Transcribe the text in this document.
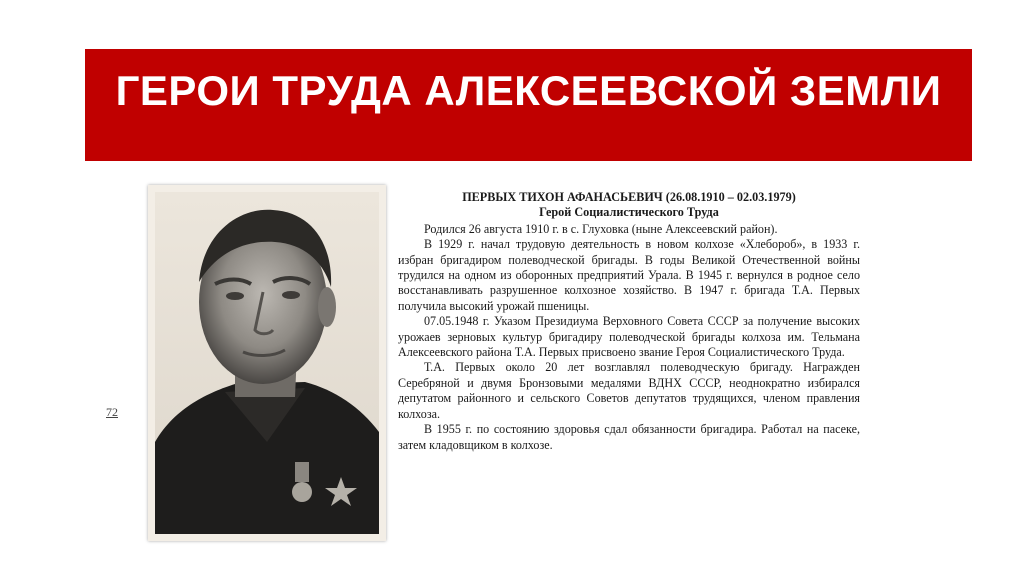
ГЕРОИ ТРУДА АЛЕКСЕЕВСКОЙ ЗЕМЛИ

72

ПЕРВЫХ ТИХОН АФАНАСЬЕВИЧ (26.08.1910 – 02.03.1979)

Герой Социалистического Труда

Родился 26 августа 1910 г. в с. Глуховка (ныне Алексеевский район).

В 1929 г. начал трудовую деятельность в новом колхозе «Хлебороб», в 1933 г. избран бригадиром полеводческой бригады. В годы Великой Отечественной войны трудился на одном из оборонных предприятий Урала. В 1945 г. вернулся в родное село восстанавливать разрушенное колхозное хозяйство. В 1947 г. бригада Т.А. Первых получила высокий урожай пшеницы.

07.05.1948 г. Указом Президиума Верховного Совета СССР за получение высоких урожаев зерновых культур бригадиру полеводческой бригады колхоза им. Тельмана Алексеевского района Т.А. Первых присвоено звание Героя Социалистического Труда.

Т.А. Первых около 20 лет возглавлял полеводческую бригаду. Награжден Серебряной и двумя Бронзовыми медалями ВДНХ СССР, неоднократно избирался депутатом районного и сельского Советов депутатов трудящихся, членом правления колхоза.

В 1955 г. по состоянию здоровья сдал обязанности бригадира. Работал на пасеке, затем кладовщиком в колхозе.
